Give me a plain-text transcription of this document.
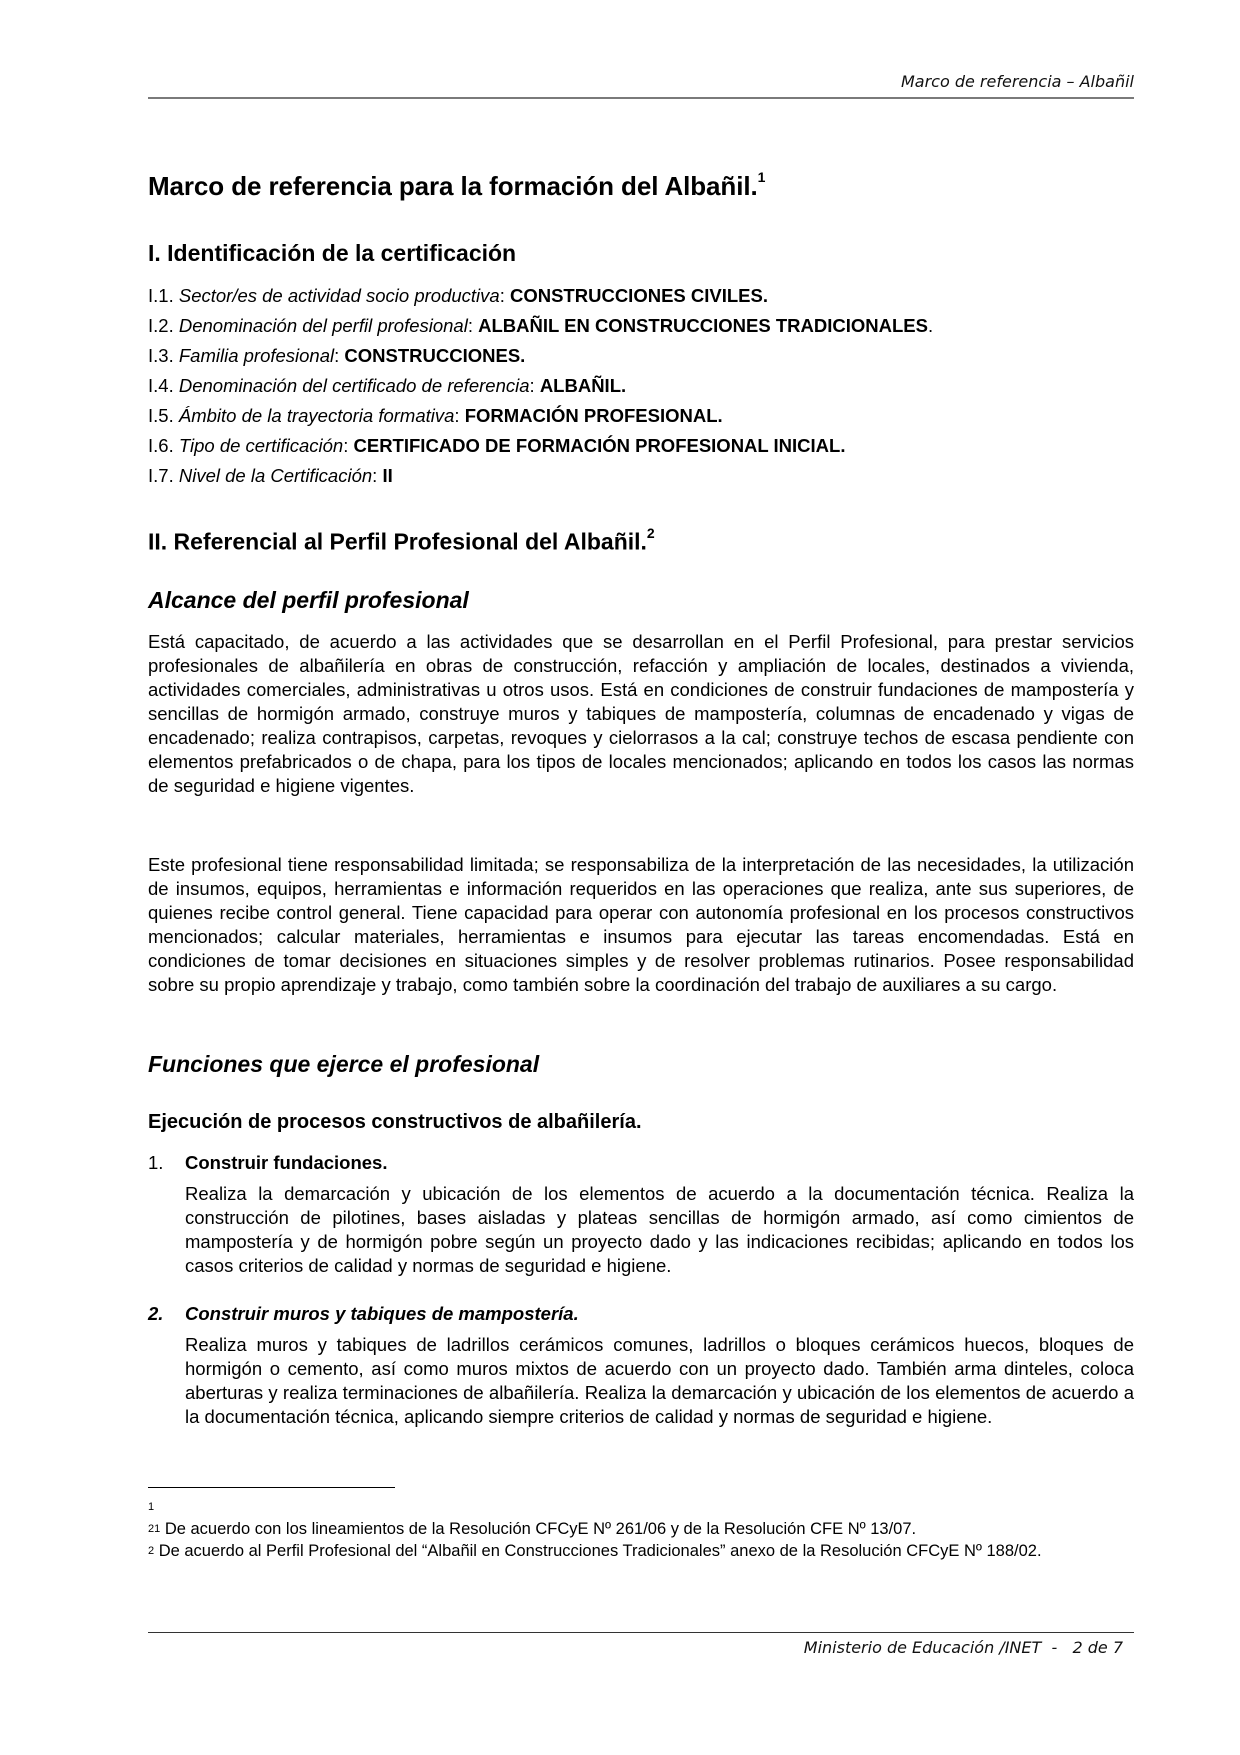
Marco de referencia – Albañil
Marco de referencia para la formación del Albañil.$^1$
I. Identificación de la certificación
I.1. Sector/es de actividad socio productiva: CONSTRUCCIONES CIVILES.
I.2. Denominación del perfil profesional: ALBAÑIL EN CONSTRUCCIONES TRADICIONALES.
I.3. Familia profesional: CONSTRUCCIONES.
I.4. Denominación del certificado de referencia: ALBAÑIL.
I.5. Ámbito de la trayectoria formativa: FORMACIÓN PROFESIONAL.
I.6. Tipo de certificación: CERTIFICADO DE FORMACIÓN PROFESIONAL INICIAL.
I.7. Nivel de la Certificación: II
II. Referencial al Perfil Profesional del Albañil.$^2$
Alcance del perfil profesional

Está capacitado, de acuerdo a las actividades que se desarrollan en el Perfil Profesional, para prestar servicios profesionales de albañilería en obras de construcción, refacción y ampliación de locales, destinados a vivienda, actividades comerciales, administrativas u otros usos. Está en condiciones de construir fundaciones de mampostería y sencillas de hormigón armado, construye muros y tabiques de mampostería, columnas de encadenado y vigas de encadenado; realiza contrapisos, carpetas, revoques y cielorrasos a la cal; construye techos de escasa pendiente con elementos prefabricados o de chapa, para los tipos de locales mencionados; aplicando en todos los casos las normas de seguridad e higiene vigentes.

Este profesional tiene responsabilidad limitada; se responsabiliza de la interpretación de las necesidades, la utilización de insumos, equipos, herramientas e información requeridos en las operaciones que realiza, ante sus superiores, de quienes recibe control general. Tiene capacidad para operar con autonomía profesional en los procesos constructivos mencionados; calcular materiales, herramientas e insumos para ejecutar las tareas encomendadas. Está en condiciones de tomar decisiones en situaciones simples y de resolver problemas rutinarios. Posee responsabilidad sobre su propio aprendizaje y trabajo, como también sobre la coordinación del trabajo de auxiliares a su cargo.

Funciones que ejerce el profesional
Ejecución de procesos constructivos de albañilería.
1. Construir fundaciones.

Realiza la demarcación y ubicación de los elementos de acuerdo a la documentación técnica. Realiza la construcción de pilotines, bases aisladas y plateas sencillas de hormigón armado, así como cimientos de mampostería y de hormigón pobre según un proyecto dado y las indicaciones recibidas; aplicando en todos los casos criterios de calidad y normas de seguridad e higiene.

2. Construir muros y tabiques de mampostería.

Realiza muros y tabiques de ladrillos cerámicos comunes, ladrillos o bloques cerámicos huecos, bloques de hormigón o cemento, así como muros mixtos de acuerdo con un proyecto dado. También arma dinteles, coloca aberturas y realiza terminaciones de albañilería. Realiza la demarcación y ubicación de los elementos de acuerdo a la documentación técnica, aplicando siempre criterios de calidad y normas de seguridad e higiene.

1

$^{21}$ De acuerdo con los lineamientos de la Resolución CFCyE Nº 261/06 y de la Resolución CFE Nº 13/07.

$^2$ De acuerdo al Perfil Profesional del “Albañil en Construcciones Tradicionales” anexo de la Resolución CFCyE Nº 188/02.

Ministerio de Educación /INET  -   2 de 7
